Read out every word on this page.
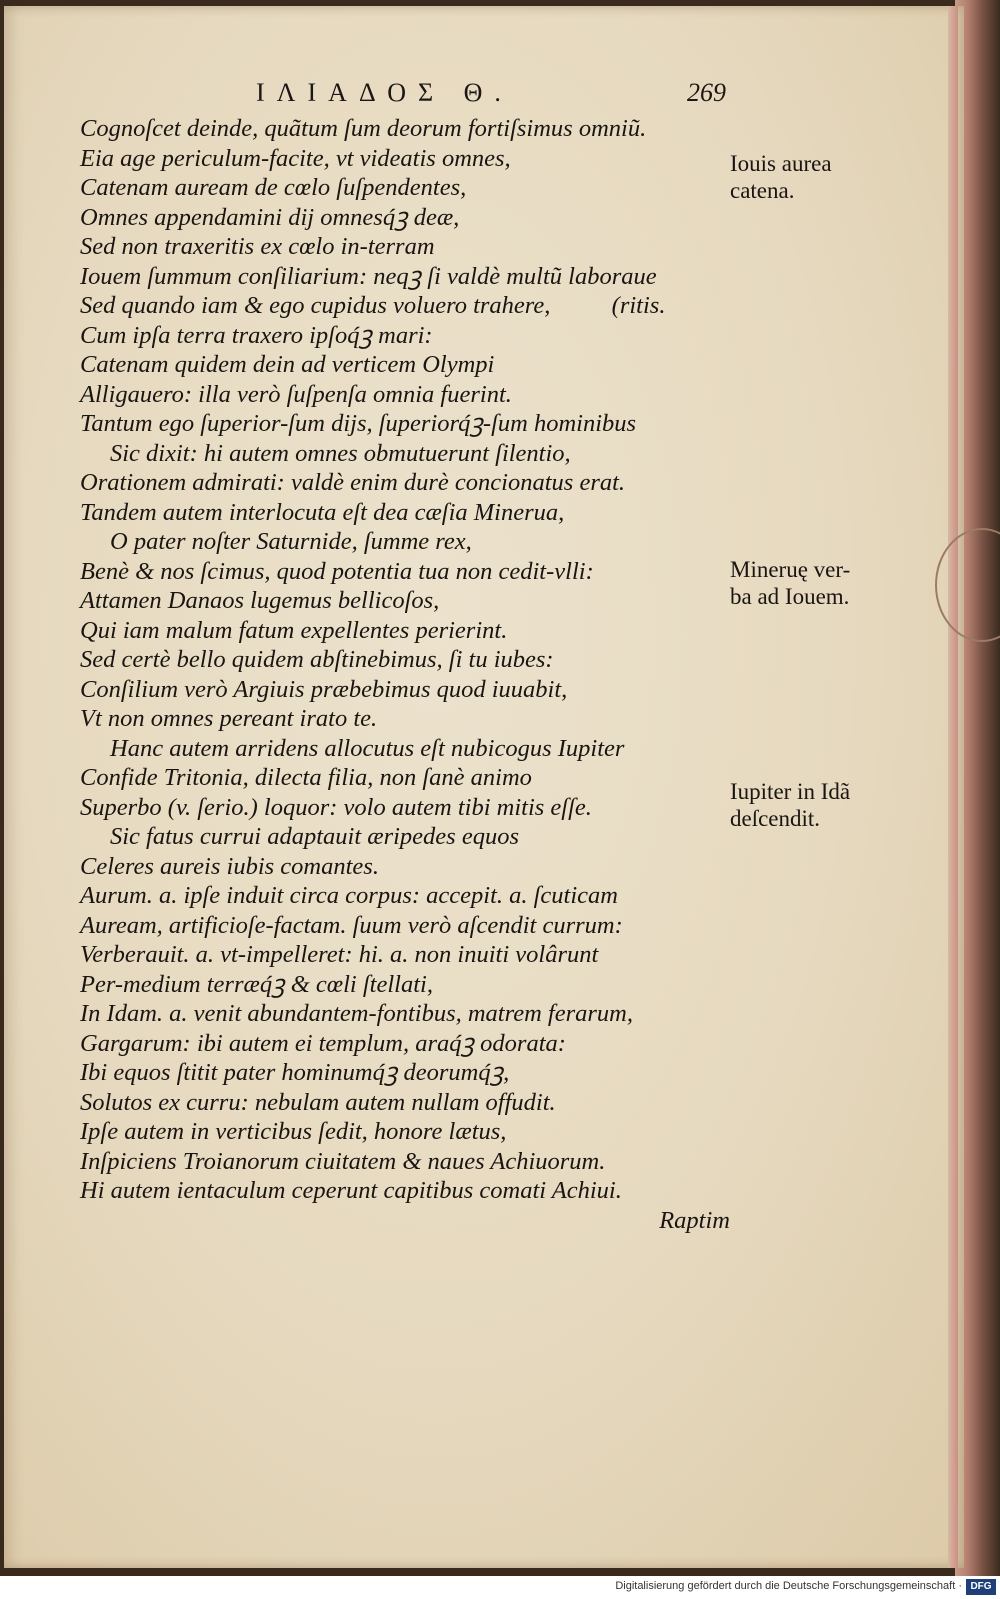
ΙΛΙΑΔΟΣ Θ.	269
Cognoſcet deinde, quãtum ſum deorum fortiſsimus omniũ.
Eia age periculum-facite, vt videatis omnes,
Catenam auream de cœlo ſuſpendentes,
Omnes appendamini dij omnesq́ꝫ deæ,
Sed non traxeritis ex cœlo in-terram
Iouem ſummum conſiliarium: neqꝫ ſi valdè multũ laborau͏e
Sed quando iam & ego cupidus voluero trahere,          (ritis.
Cum ipſa terra traxero ipſoq́ꝫ mari:
Catenam quidem dein ad verticem Olympi
Alligauero: illa verò ſuſpenſa omnia fuerint.
Tantum ego ſuperior-ſum dijs, ſuperiorq́ꝫ-ſum hominibus
Sic dixit: hi autem omnes obmutuerunt ſilentio,
Orationem admirati: valdè enim durè concionatus erat.
Tandem autem interlocuta eſt dea cæſia Minerua,
O pater noſter Saturnide, ſumme rex,
Benè & nos ſcimus, quod potentia tua non cedit-vlli:
Attamen Danaos lugemus bellicoſos,
Qui iam malum fatum expellentes perierint.
Sed certè bello quidem abſtinebimus, ſi tu iubes:
Conſilium verò Argiuis præbebimus quod iuuabit,
Vt non omnes pereant irato te.
Hanc autem arridens allocutus eſt nubicogus Iupiter
Confide Tritonia, dilecta filia, non ſanè animo
Superbo (v. ſerio.) loquor: volo autem tibi mitis eſſe.
Sic fatus currui adaptauit æripedes equos
Celeres aureis iubis comantes.
Aurum. a. ipſe induit circa corpus: accepit. a. ſcuticam
Auream, artificioſe-factam. ſuum verò aſcendit currum:
Verberauit. a. vt-impelleret: hi. a. non inuiti volârunt
Per-medium terræq́ꝫ & cœli ſtellati,
In Idam. a. venit abundantem-fontibus, matrem ferarum,
Gargarum: ibi autem ei templum, araq́ꝫ odorata:
Ibi equos ſtitit pater hominumq́ꝫ deorumq́ꝫ,
Solutos ex curru: nebulam autem nullam offudit.
Ipſe autem in verticibus ſedit, honore lætus,
Inſpiciens Troianorum ciuitatem & naues Achiuorum.
Hi autem ientaculum ceperunt capitibus comati Achiui.
Raptim
Iouis aurea
catena.
Mineruę ver-
ba ad Iouem.
Iupiter in Idã
deſcendit.
Digitalisierung gefördert durch die Deutsche Forschungsgemeinschaft · DFG
